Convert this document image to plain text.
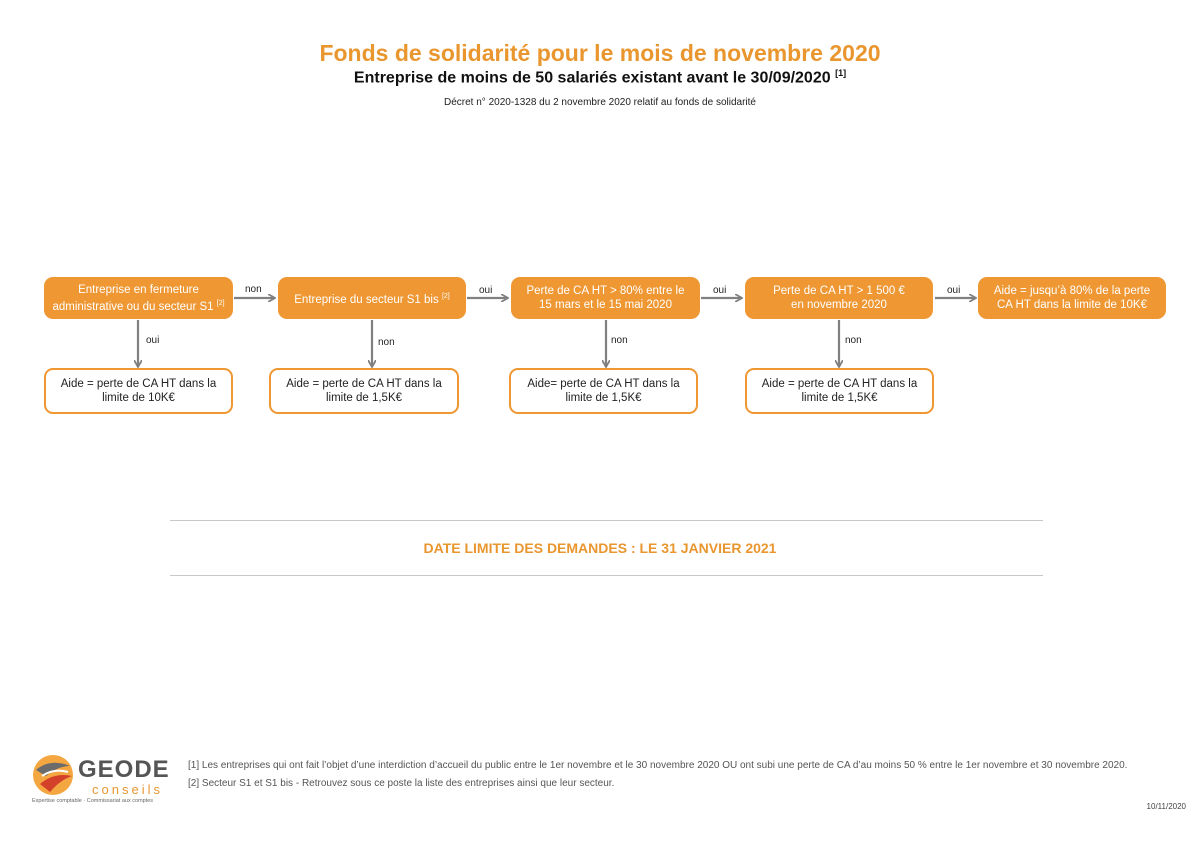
Fonds de solidarité pour le mois de novembre 2020
Entreprise de moins de 50 salariés existant avant le 30/09/2020 [1]
Décret n° 2020-1328 du 2 novembre 2020 relatif au fonds de solidarité
Entreprise en fermeture administrative ou du secteur S1 [2]	Entreprise du secteur S1 bis [2]	Perte de CA HT > 80% entre le 15 mars et le 15 mai 2020
Perte de CA HT > 1 500 € en novembre 2020
Aide = jusqu’à 80% de la perte CA HT dans la limite de 10K€
non	oui	oui	oui
oui	non	non	non
Aide = perte de CA HT dans la limite de 10K€
Aide = perte de CA HT dans la limite de 1,5K€
Aide= perte de CA HT dans la limite de 1,5K€
Aide = perte de CA HT dans la limite de 1,5K€
DATE LIMITE DES DEMANDES : LE 31 JANVIER 2021
GEODE
conseils
Expertise comptable · Commissariat aux comptes
[1] Les entreprises qui ont fait l’objet d’une interdiction d’accueil du public entre le 1er novembre et le 30 novembre 2020 OU ont subi une perte de CA d’au moins 50 % entre le 1er novembre et 30 novembre 2020.
[2] Secteur S1 et S1 bis - Retrouvez sous ce poste la liste des entreprises ainsi que leur secteur.
10/11/2020
